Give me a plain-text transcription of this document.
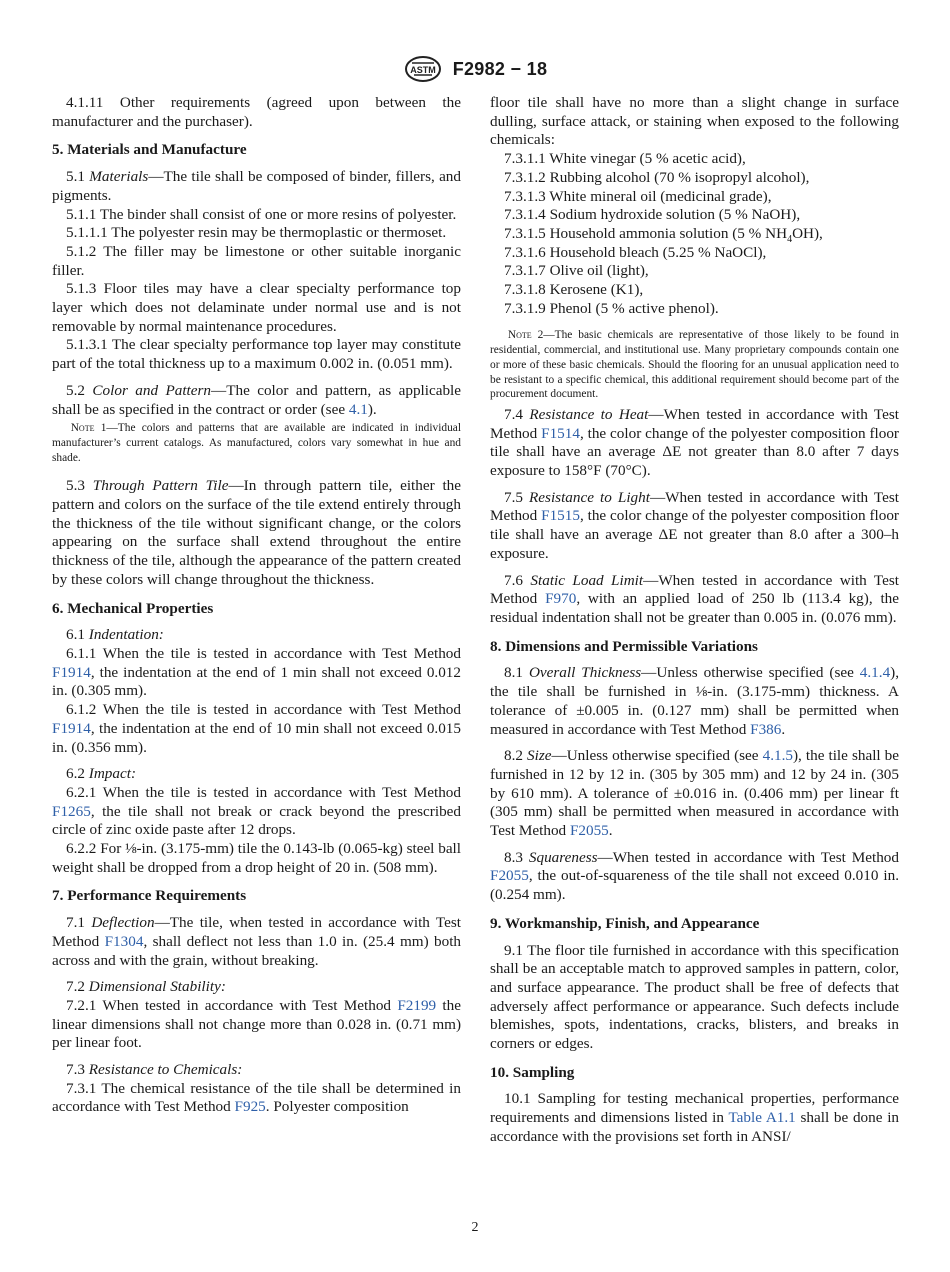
ASTM F2982 − 18

4.1.11 Other requirements (agreed upon between the manufacturer and the purchaser).

5. Materials and Manufacture

5.1 Materials—The tile shall be composed of binder, fillers, and pigments.

5.1.1 The binder shall consist of one or more resins of polyester.

5.1.1.1 The polyester resin may be thermoplastic or thermoset.

5.1.2 The filler may be limestone or other suitable inorganic filler.

5.1.3 Floor tiles may have a clear specialty performance top layer which does not delaminate under normal use and is not removable by normal maintenance procedures.

5.1.3.1 The clear specialty performance top layer may constitute part of the total thickness up to a maximum 0.002 in. (0.051 mm).

5.2 Color and Pattern—The color and pattern, as applicable shall be as specified in the contract or order (see 4.1).

Note 1—The colors and patterns that are available are indicated in individual manufacturer’s current catalogs. As manufactured, colors vary somewhat in hue and shade.

5.3 Through Pattern Tile—In through pattern tile, either the pattern and colors on the surface of the tile extend entirely through the thickness of the tile without significant change, or the colors appearing on the surface shall extend throughout the entire thickness of the tile, although the appearance of the pattern created by these colors will change throughout the thickness.

6. Mechanical Properties

6.1 Indentation:

6.1.1 When the tile is tested in accordance with Test Method F1914, the indentation at the end of 1 min shall not exceed 0.012 in. (0.305 mm).

6.1.2 When the tile is tested in accordance with Test Method F1914, the indentation at the end of 10 min shall not exceed 0.015 in. (0.356 mm).

6.2 Impact:

6.2.1 When the tile is tested in accordance with Test Method F1265, the tile shall not break or crack beyond the prescribed circle of zinc oxide paste after 12 drops.

6.2.2 For ⅛-in. (3.175-mm) tile the 0.143-lb (0.065-kg) steel ball weight shall be dropped from a drop height of 20 in. (508 mm).

7. Performance Requirements

7.1 Deflection—The tile, when tested in accordance with Test Method F1304, shall deflect not less than 1.0 in. (25.4 mm) both across and with the grain, without breaking.

7.2 Dimensional Stability:

7.2.1 When tested in accordance with Test Method F2199 the linear dimensions shall not change more than 0.028 in. (0.71 mm) per linear foot.

7.3 Resistance to Chemicals:

7.3.1 The chemical resistance of the tile shall be determined in accordance with Test Method F925. Polyester composition

floor tile shall have no more than a slight change in surface dulling, surface attack, or staining when exposed to the following chemicals:

7.3.1.1 White vinegar (5 % acetic acid),

7.3.1.2 Rubbing alcohol (70 % isopropyl alcohol),

7.3.1.3 White mineral oil (medicinal grade),

7.3.1.4 Sodium hydroxide solution (5 % NaOH),

7.3.1.5 Household ammonia solution (5 % $NH_4OH$),

7.3.1.6 Household bleach (5.25 % NaOCl),

7.3.1.7 Olive oil (light),

7.3.1.8 Kerosene (K1),

7.3.1.9 Phenol (5 % active phenol).

Note 2—The basic chemicals are representative of those likely to be found in residential, commercial, and institutional use. Many proprietary compounds contain one or more of these basic chemicals. Should the flooring for an unusual application need to be resistant to a specific chemical, this additional requirement should become part of the procurement document.

7.4 Resistance to Heat—When tested in accordance with Test Method F1514, the color change of the polyester composition floor tile shall have an average ΔE not greater than 8.0 after 7 days exposure to 158°F (70°C).

7.5 Resistance to Light—When tested in accordance with Test Method F1515, the color change of the polyester composition floor tile shall have an average ΔE not greater than 8.0 after a 300–h exposure.

7.6 Static Load Limit—When tested in accordance with Test Method F970, with an applied load of 250 lb (113.4 kg), the residual indentation shall not be greater than 0.005 in. (0.076 mm).

8. Dimensions and Permissible Variations

8.1 Overall Thickness—Unless otherwise specified (see 4.1.4), the tile shall be furnished in ⅛-in. (3.175-mm) thickness. A tolerance of ±0.005 in. (0.127 mm) shall be permitted when measured in accordance with Test Method F386.

8.2 Size—Unless otherwise specified (see 4.1.5), the tile shall be furnished in 12 by 12 in. (305 by 305 mm) and 12 by 24 in. (305 by 610 mm). A tolerance of ±0.016 in. (0.406 mm) per linear ft (305 mm) shall be permitted when measured in accordance with Test Method F2055.

8.3 Squareness—When tested in accordance with Test Method F2055, the out-of-squareness of the tile shall not exceed 0.010 in. (0.254 mm).

9. Workmanship, Finish, and Appearance

9.1 The floor tile furnished in accordance with this specification shall be an acceptable match to approved samples in pattern, color, and surface appearance. The product shall be free of defects that adversely affect performance or appearance. Such defects include blemishes, spots, indentations, cracks, blisters, and breaks in corners or edges.

10. Sampling

10.1 Sampling for testing mechanical properties, performance requirements and dimensions listed in Table A1.1 shall be done in accordance with the provisions set forth in ANSI/

2
